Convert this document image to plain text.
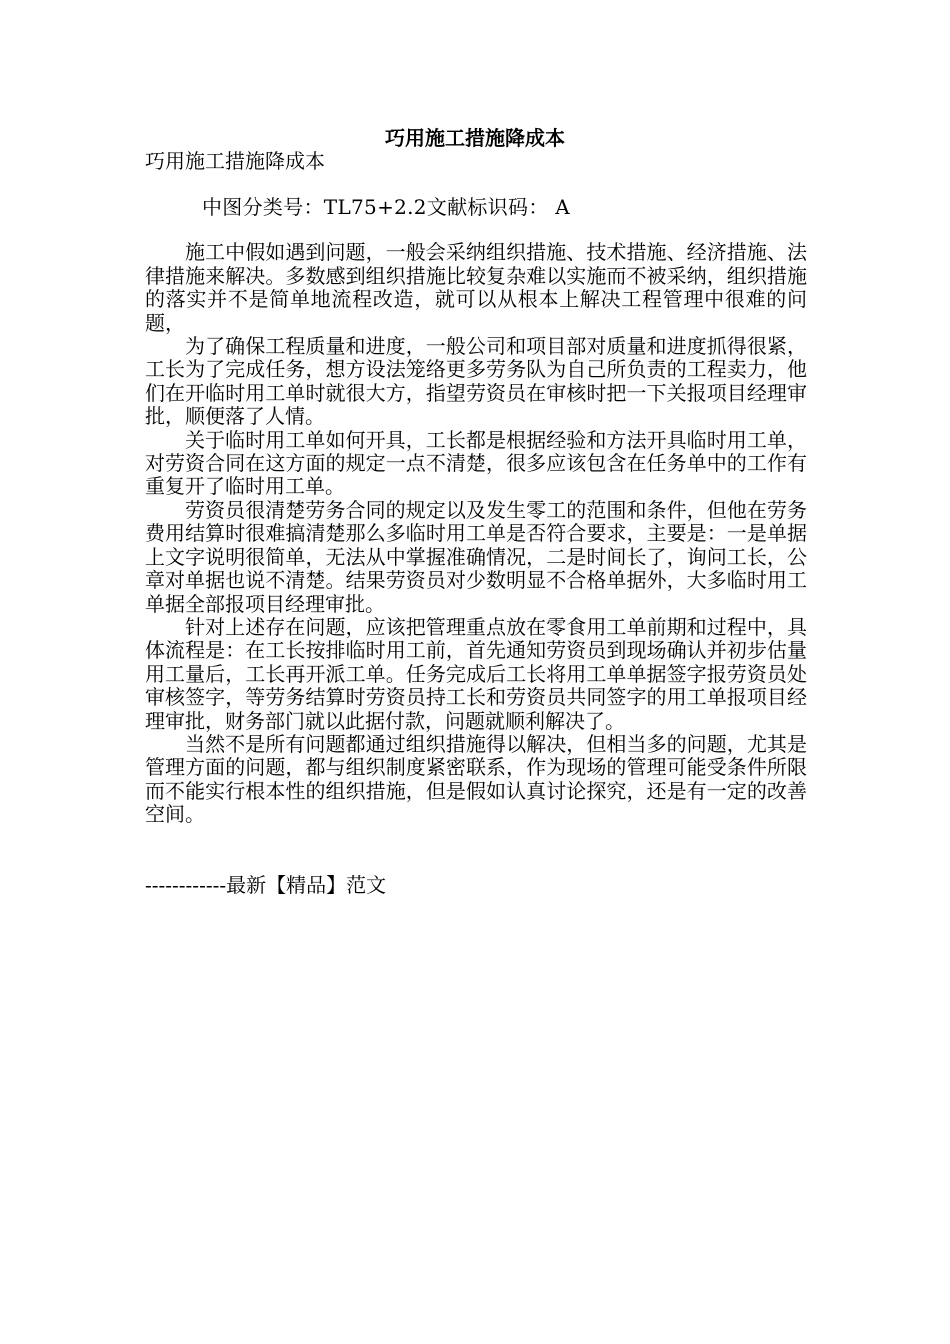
巧用施工措施降成本

巧用施工措施降成本

中图分类号：TL75+2.2文献标识码： A

施工中假如遇到问题，一般会采纳组织措施、技术措施、经济措施、法律措施来解决。多数感到组织措施比较复杂难以实施而不被采纳，组织措施的落实并不是简单地流程改造，就可以从根本上解决工程管理中很难的问题，

为了确保工程质量和进度，一般公司和项目部对质量和进度抓得很紧，工长为了完成任务，想方设法笼络更多劳务队为自己所负责的工程卖力，他们在开临时用工单时就很大方，指望劳资员在审核时把一下关报项目经理审批，顺便落了人情。

关于临时用工单如何开具，工长都是根据经验和方法开具临时用工单，对劳资合同在这方面的规定一点不清楚，很多应该包含在任务单中的工作有重复开了临时用工单。

劳资员很清楚劳务合同的规定以及发生零工的范围和条件，但他在劳务费用结算时很难搞清楚那么多临时用工单是否符合要求，主要是：一是单据上文字说明很简单，无法从中掌握准确情况，二是时间长了，询问工长，公章对单据也说不清楚。结果劳资员对少数明显不合格单据外，大多临时用工单据全部报项目经理审批。

针对上述存在问题，应该把管理重点放在零食用工单前期和过程中，具体流程是：在工长按排临时用工前，首先通知劳资员到现场确认并初步估量用工量后，工长再开派工单。任务完成后工长将用工单单据签字报劳资员处审核签字，等劳务结算时劳资员持工长和劳资员共同签字的用工单报项目经理审批，财务部门就以此据付款，问题就顺利解决了。

当然不是所有问题都通过组织措施得以解决，但相当多的问题，尤其是管理方面的问题，都与组织制度紧密联系，作为现场的管理可能受条件所限而不能实行根本性的组织措施，但是假如认真讨论探究，还是有一定的改善空间。

------------最新【精品】范文
